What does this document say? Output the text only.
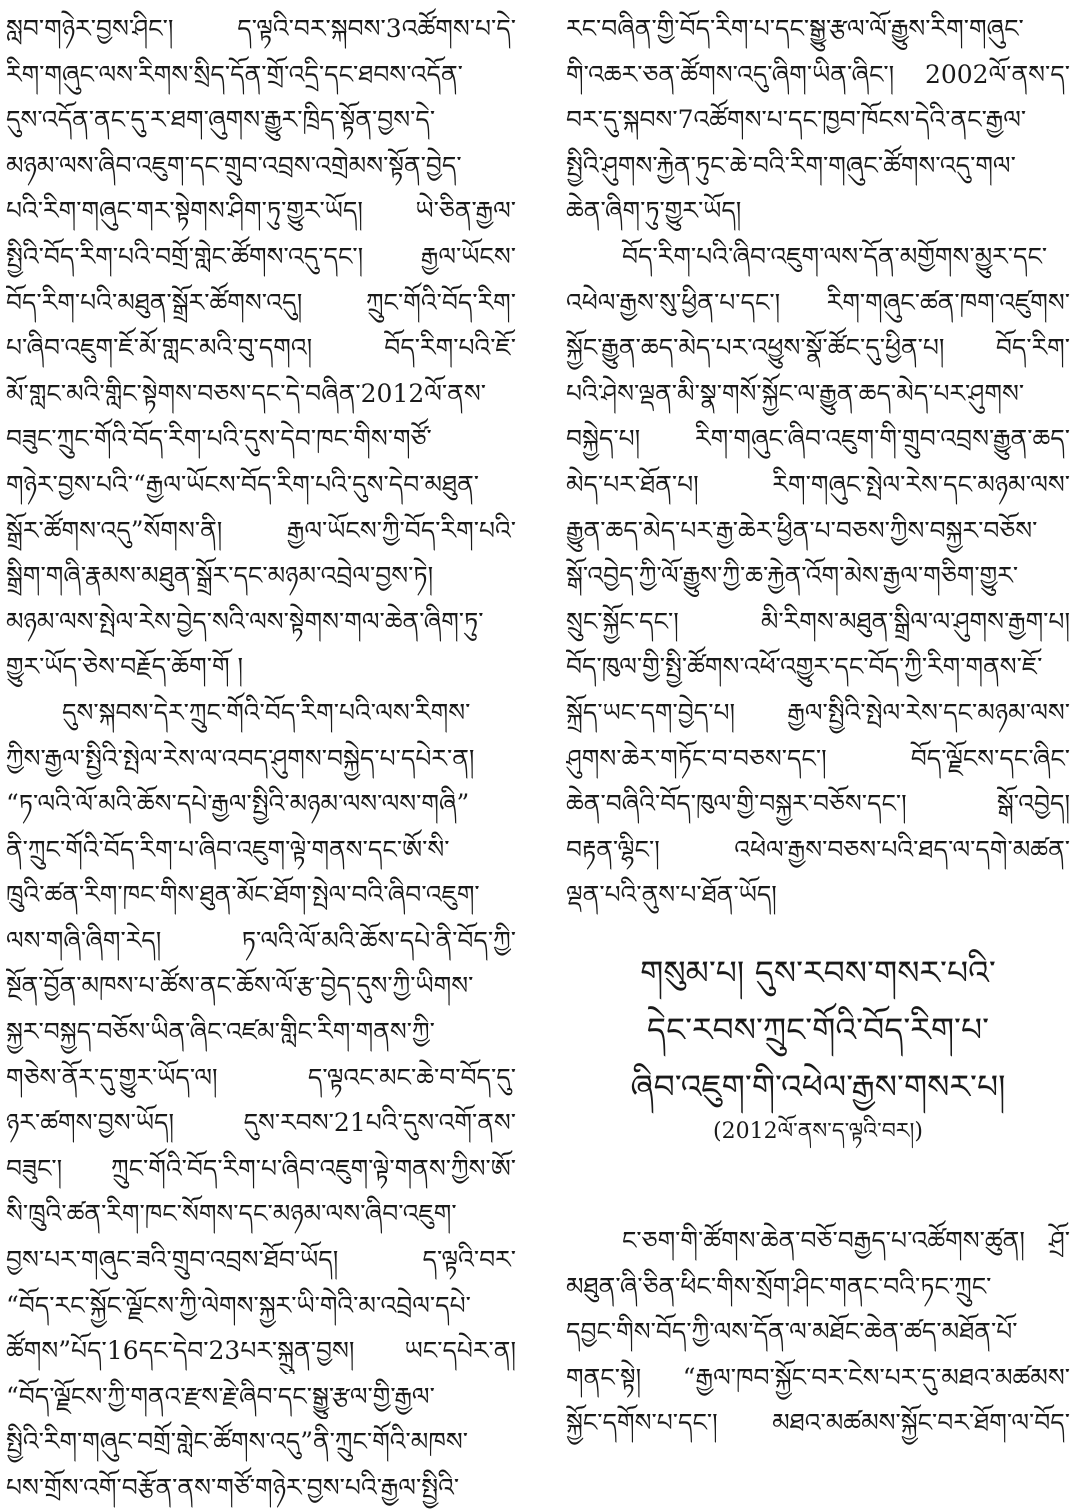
སླབ་གཉེར་བྱས་ཤིང་། ད་ལྟའི་བར་སྐབས་3འཚོགས་པ་དེ་
རིག་གཞུང་ལས་རིགས་སྲིད་དོན་གྲོ་འདྲི་དང་ཐབས་འདོན་
དུས་འདོན་ནང་དུ་ར་ཐག་ཞུགས་རྒྱུར་ཁྲིད་སྟོན་བྱས་དེ་
མཉམ་ལས་ཞིབ་འཇུག་དང་གྲུབ་འབྲས་འགྲེམས་སྟོན་བྱེད་
པའི་རིག་གཞུང་གར་སྟེགས་ཤིག་ཏུ་གྱུར་ཡོད། ཡེ་ཅིན་རྒྱལ་
སྤྱིའི་བོད་རིག་པའི་བགྲོ་གླེང་ཚོགས་འདུ་དང་། རྒྱལ་ཡོངས་
བོད་རིག་པའི་མཐུན་སྒྲོར་ཚོགས་འདུ། ཀྲུང་གོའི་བོད་རིག་
པ་ཞིབ་འཇུག་ཇོ་མོ་གླང་མའི་བུ་དགའ། བོད་རིག་པའི་ཇོ་
མོ་གླང་མའི་གླིང་སྟེགས་བཅས་དང་དེ་བཞིན་2012ལོ་ནས་
བཟུང་ཀྲུང་གོའི་བོད་རིག་པའི་དུས་དེབ་ཁང་གིས་གཙོ་
གཉེར་བྱས་པའི་“རྒྱལ་ཡོངས་བོད་རིག་པའི་དུས་དེབ་མཐུན་
སྒྲོར་ཚོགས་འདུ”སོགས་ནི། རྒྱལ་ཡོངས་ཀྱི་བོད་རིག་པའི་
སྒྲིག་གཞི་རྣམས་མཐུན་སྒྲོར་དང་མཉམ་འབྲེལ་བྱས་ཏེ།
མཉམ་ལས་སྤེལ་རེས་བྱེད་སའི་ལས་སྟེགས་གལ་ཆེན་ཞིག་ཏུ་
གྱུར་ཡོད་ཅེས་བརྗོད་ཆོག་གོ །
དུས་སྐབས་དེར་ཀྲུང་གོའི་བོད་རིག་པའི་ལས་རིགས་
ཀྱིས་རྒྱལ་སྤྱིའི་སྤེལ་རེས་ལ་འབད་ཤུགས་བསྐྱེད་པ་དཔེར་ན།
“ཏ་ལའི་ལོ་མའི་ཆོས་དཔེ་རྒྱལ་སྤྱིའི་མཉམ་ལས་ལས་གཞི”
ནི་ཀྲུང་གོའི་བོད་རིག་པ་ཞིབ་འཇུག་ལྟེ་གནས་དང་ཨོ་སི་
ཁྲུའི་ཚན་རིག་ཁང་གིས་ཐུན་མོང་ཐོག་སྤེལ་བའི་ཞིབ་འཇུག་
ལས་གཞི་ཞིག་རེད། ཏ་ལའི་ལོ་མའི་ཆོས་དཔེ་ནི་བོད་ཀྱི་
སྔོན་བྱོན་མཁས་པ་ཚོས་ནང་ཆོས་ལོ་རྩ་བྱེད་དུས་ཀྱི་ཡིགས་
སྐྱར་བསྐྱད་བཅོས་ཡིན་ཞིང་འཛམ་གླིང་རིག་གནས་ཀྱི་
གཅེས་ནོར་དུ་གྱུར་ཡོད་ལ། ད་ལྟའང་མང་ཆེ་བ་བོད་དུ་
ཉར་ཚགས་བྱས་ཡོད། དུས་རབས་21པའི་དུས་འགོ་ནས་
བཟུང་། ཀྲུང་གོའི་བོད་རིག་པ་ཞིབ་འཇུག་ལྟེ་གནས་ཀྱིས་ཨོ་
སི་ཁྲུའི་ཚན་རིག་ཁང་སོགས་དང་མཉམ་ལས་ཞིབ་འཇུག་
བྱས་པར་གཞུང་ཟའི་གྲུབ་འབྲས་ཐོབ་ཡོད། ད་ལྟའི་བར་
“བོད་རང་སྐྱོང་ལྗོངས་ཀྱི་ལེགས་སྐྱར་ཡི་གེའི་མ་འབྲེལ་དཔེ་
ཚོགས”པོད་16དང་དེབ་23པར་སྐྲུན་བྱས། ཡང་དཔེར་ན།
“བོད་ལྗོངས་ཀྱི་གནའ་རྫས་རྗེ་ཞིབ་དང་སྒྱུ་རྩལ་གྱི་རྒྱལ་
སྤྱིའི་རིག་གཞུང་བགྲོ་གླེང་ཚོགས་འདུ”ནི་ཀྲུང་གོའི་མཁས་
པས་གྲོས་འགོ་བརྩོན་ནས་གཙོ་གཉེར་བྱས་པའི་རྒྱལ་སྤྱིའི་
རང་བཞིན་གྱི་བོད་རིག་པ་དང་སྒྱུ་རྩལ་ལོ་རྒྱུས་རིག་གཞུང་
གི་འཆར་ཅན་ཚོགས་འདུ་ཞིག་ཡིན་ཞིང་། 2002ལོ་ནས་ད་
བར་དུ་སྐབས་7འཚོགས་པ་དང་ཁྱབ་ཁོངས་དེའི་ནང་རྒྱལ་
སྤྱིའི་ཤུགས་རྐྱེན་ཏུང་ཆེ་བའི་རིག་གཞུང་ཚོགས་འདུ་གལ་
ཆེན་ཞིག་ཏུ་གྱུར་ཡོད།
བོད་རིག་པའི་ཞིབ་འཇུག་ལས་དོན་མགྱོགས་མྱུར་དང་
འཕེལ་རྒྱས་སུ་ཕྱིན་པ་དང་། རིག་གཞུང་ཚན་ཁག་འཛུགས་
སྐྱོང་རྒྱུན་ཆད་མེད་པར་འཕྱུས་སྣོ་ཚོང་དུ་ཕྱིན་པ། བོད་རིག་
པའི་ཤེས་ལྡན་མི་སྣ་གསོ་སྐྱོང་ལ་རྒྱུན་ཆད་མེད་པར་ཤུགས་
བསྐྱེད་པ། རིག་གཞུང་ཞིབ་འཇུག་གི་གྲུབ་འབྲས་རྒྱུན་ཆད་
མེད་པར་ཐོན་པ། རིག་གཞུང་སྤེལ་རེས་དང་མཉམ་ལས་
རྒྱུན་ཆད་མེད་པར་རྒྱ་ཆེར་ཕྱིན་པ་བཅས་ཀྱིས་བསྐྱར་བཅོས་
སྒོ་འབྱེད་ཀྱི་ལོ་རྒྱུས་ཀྱི་ཆ་རྐྱེན་འོག་མེས་རྒྱལ་གཅིག་གྱུར་
སྲུང་སྐྱོང་དང་། མི་རིགས་མཐུན་སྒྲིལ་ལ་ཤུགས་རྒྱག་པ།
བོད་ཁུལ་གྱི་སྤྱི་ཚོགས་འཕོ་འགྱུར་དང་བོད་ཀྱི་རིག་གནས་ཇོ་
སྐྲོད་ཡང་དག་བྱེད་པ། རྒྱལ་སྤྱིའི་སྤེལ་རེས་དང་མཉམ་ལས་
ཤུགས་ཆེར་གཏོང་བ་བཅས་དང་། བོད་ལྗོངས་དང་ཞིང་
ཆེན་བཞིའི་བོད་ཁུལ་གྱི་བསྐྱར་བཅོས་དང་། སྒོ་འབྱེད།
བརྟན་ལྷིང་། འཕེལ་རྒྱས་བཅས་པའི་ཐད་ལ་དགེ་མཚན་
ལྡན་པའི་ནུས་པ་ཐོན་ཡོད།
གསུམ་པ། དུས་རབས་གསར་པའི་
དེང་རབས་ཀྲུང་གོའི་བོད་རིག་པ་
ཞིབ་འཇུག་གི་འཕེལ་རྒྱས་གསར་པ།
(2012ལོ་ནས་ད་ལྟའི་བར།)
ང་ཅག་གི་ཚོགས་ཆེན་བཅོ་བརྒྱད་པ་འཚོགས་ཚུན། ཤྲོ་
མཐུན་ཞི་ཅིན་ཕིང་གིས་སྲོག་ཤིང་གནང་བའི་ཏང་ཀྲུང་
དབྱང་གིས་བོད་ཀྱི་ལས་དོན་ལ་མཐོང་ཆེན་ཚད་མཐོན་པོ་
གནང་སྟེ། “རྒྱལ་ཁབ་སྐྱོང་བར་ངེས་པར་དུ་མཐའ་མཚམས་
སྐྱོང་དགོས་པ་དང་། མཐའ་མཚམས་སྐྱོང་བར་ཐོག་ལ་བོད་
